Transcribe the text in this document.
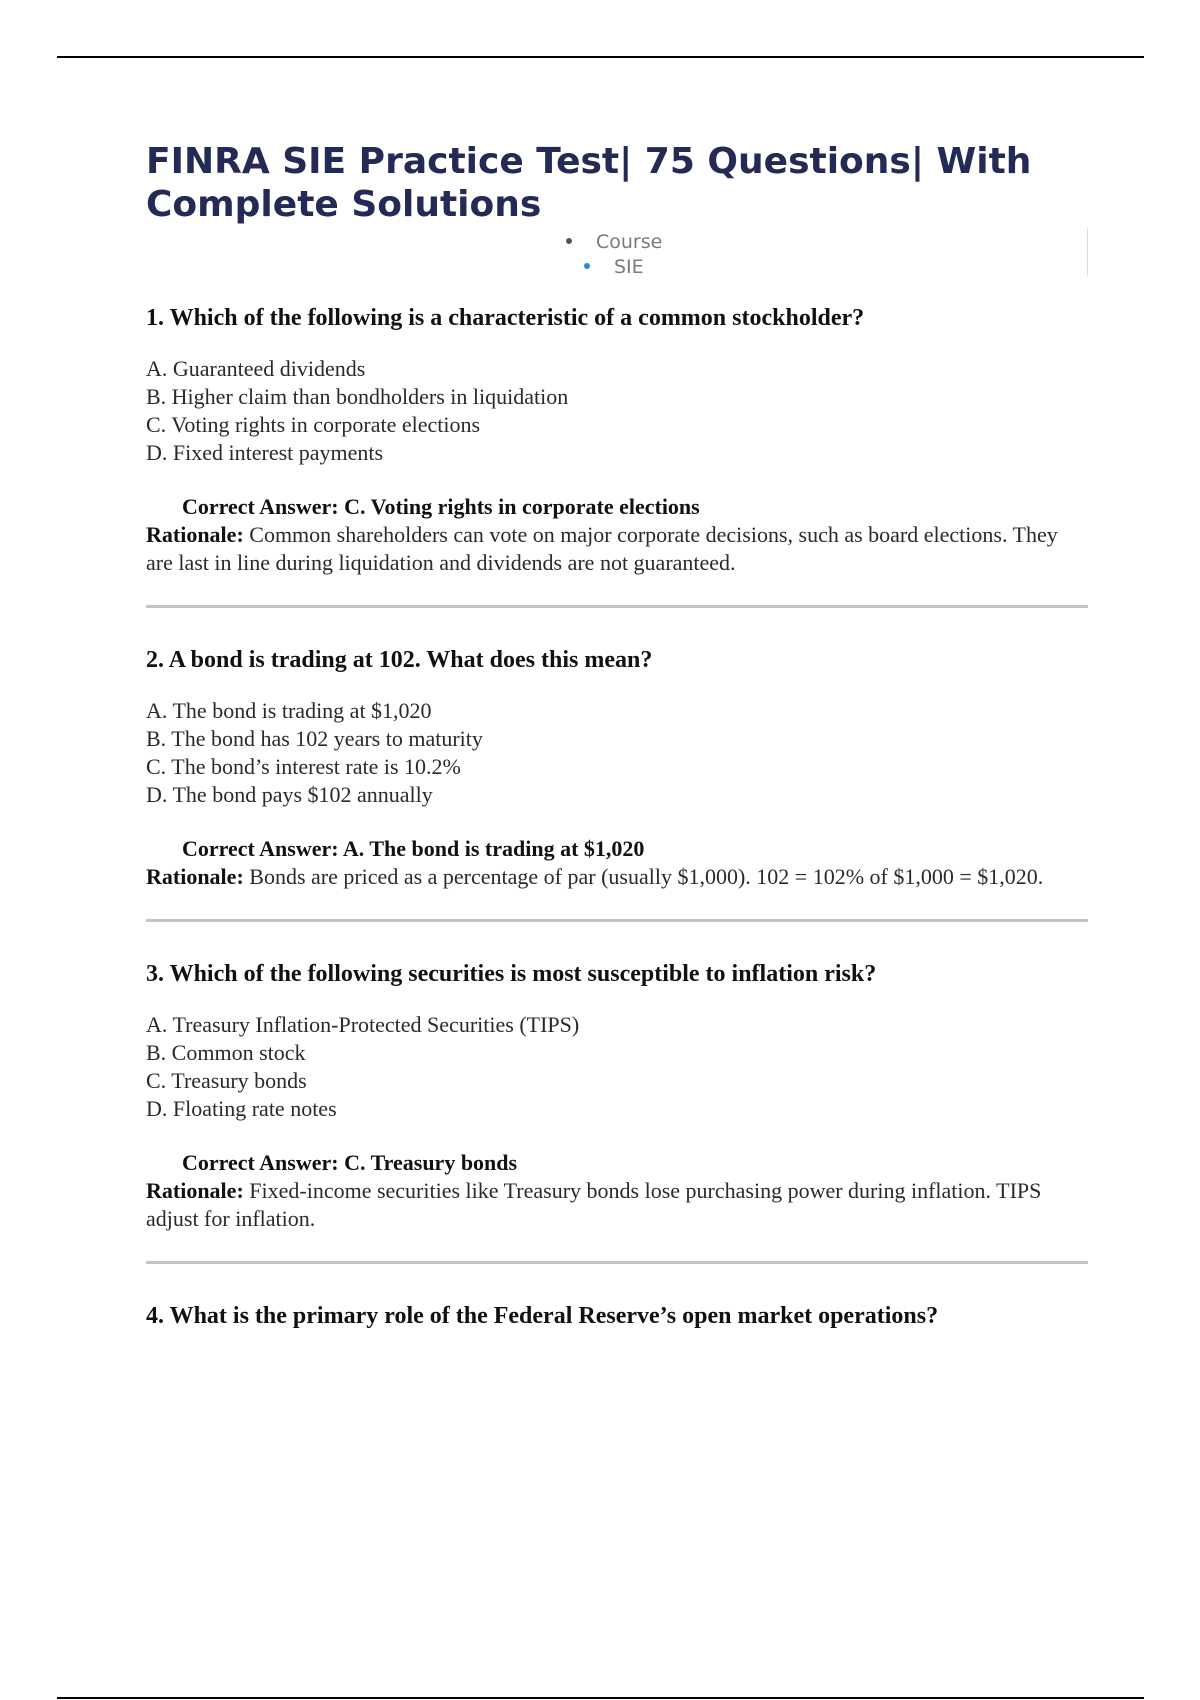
FINRA SIE Practice Test| 75 Questions| With Complete Solutions
Course
SIE
1. Which of the following is a characteristic of a common stockholder?
A. Guaranteed dividends
B. Higher claim than bondholders in liquidation
C. Voting rights in corporate elections
D. Fixed interest payments
Correct Answer: C. Voting rights in corporate elections
Rationale: Common shareholders can vote on major corporate decisions, such as board elections. They are last in line during liquidation and dividends are not guaranteed.
2. A bond is trading at 102. What does this mean?
A. The bond is trading at $1,020
B. The bond has 102 years to maturity
C. The bond’s interest rate is 10.2%
D. The bond pays $102 annually
Correct Answer: A. The bond is trading at $1,020
Rationale: Bonds are priced as a percentage of par (usually $1,000). 102 = 102% of $1,000 = $1,020.
3. Which of the following securities is most susceptible to inflation risk?
A. Treasury Inflation-Protected Securities (TIPS)
B. Common stock
C. Treasury bonds
D. Floating rate notes
Correct Answer: C. Treasury bonds
Rationale: Fixed-income securities like Treasury bonds lose purchasing power during inflation. TIPS adjust for inflation.
4. What is the primary role of the Federal Reserve’s open market operations?
